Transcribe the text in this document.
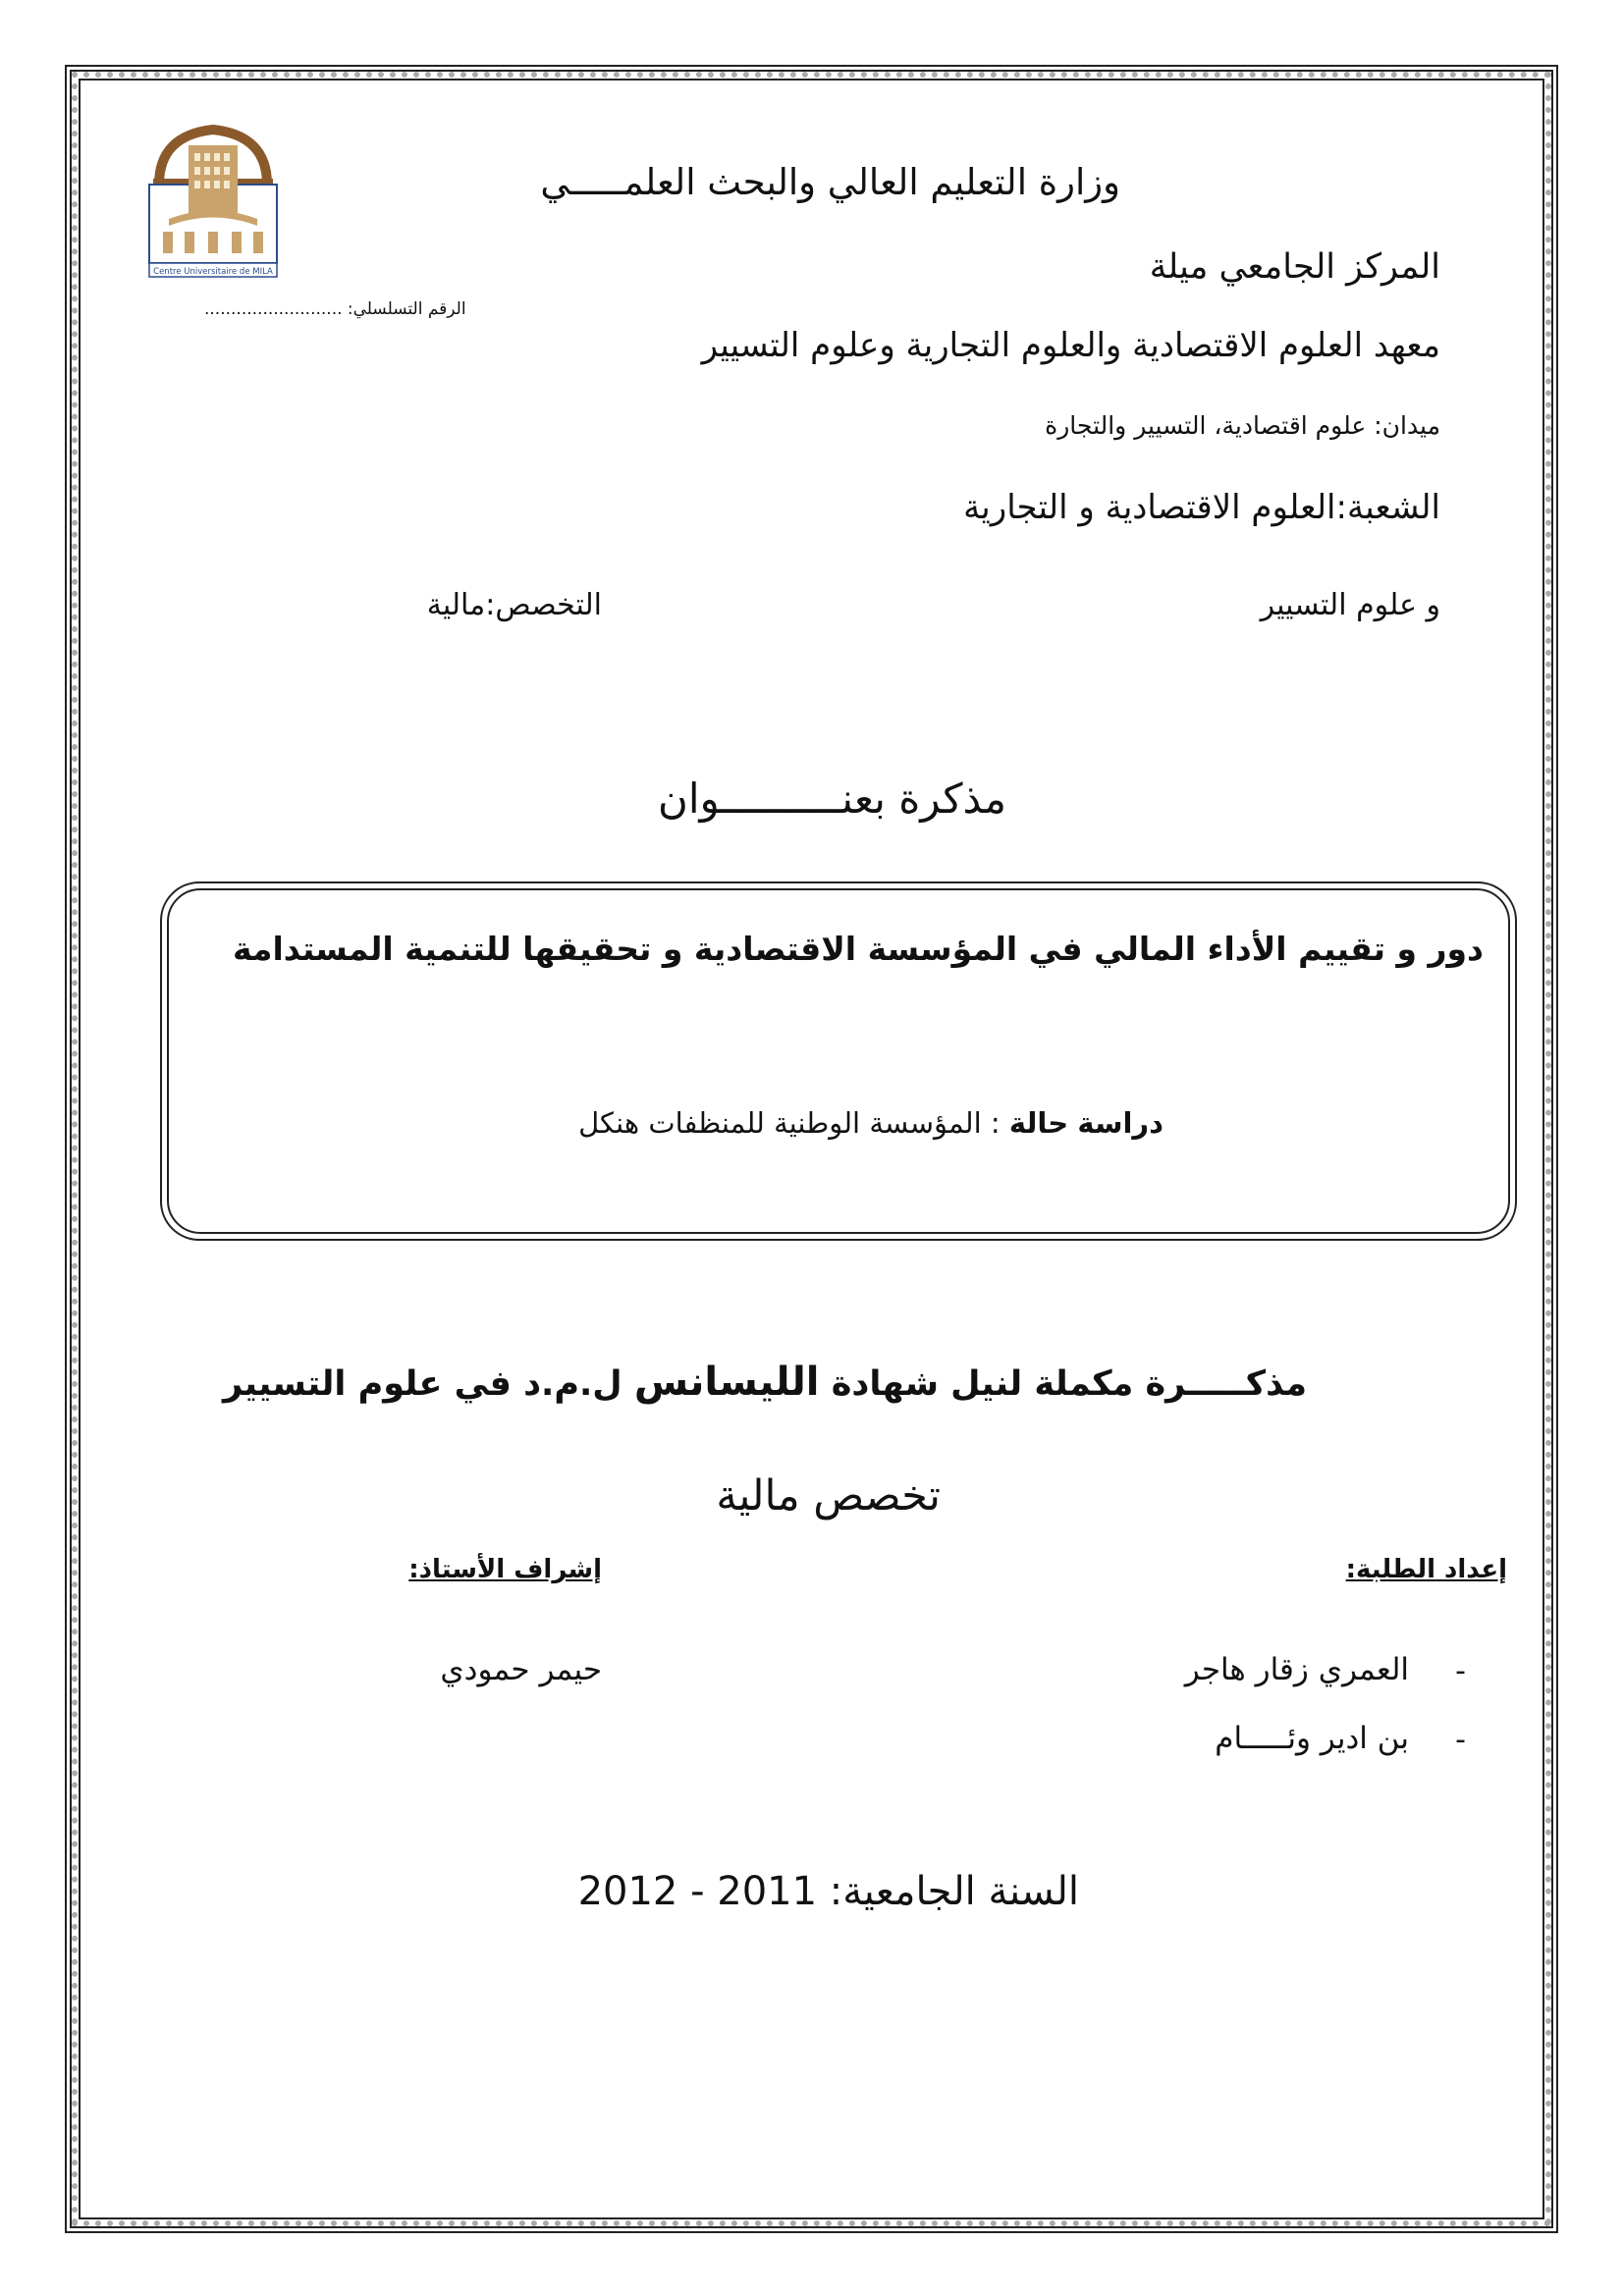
Centre Universitaire de MILA
وزارة التعليم العالي والبحث العلمـــــي
المركز الجامعي ميلة
الرقم التسلسلي: ..........................
معهد العلوم الاقتصادية والعلوم التجارية وعلوم التسيير
ميدان: علوم اقتصادية، التسيير والتجارة
الشعبة:العلوم الاقتصادية و التجارية
و علوم التسيير
التخصص:مالية
مذكرة بعنــــــــــوان
دور و تقييم الأداء المالي في المؤسسة الاقتصادية و تحقيقها للتنمية المستدامة
دراسة حالة : المؤسسة الوطنية للمنظفات هنكل
مذكـــــرة مكملة لنيل شهادة الليسانس ل.م.د في علوم التسيير
تخصص مالية
إعداد الطلبة:
إشراف الأستاذ:
-
العمري زقار هاجر
حيمر حمودي
-
بن ادير وئـــــام
السنة الجامعية: 2011 - 2012
